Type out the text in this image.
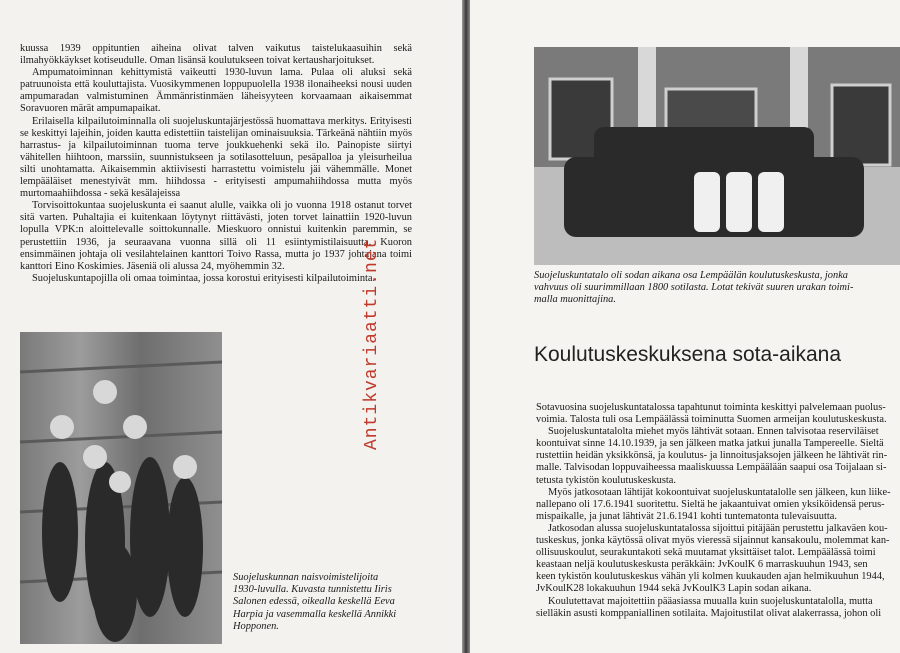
kuussa 1939 oppituntien aiheina olivat talven vaikutus taistelukaasuihin sekä ilmahyökkäykset kotiseudulle. Oman lisänsä koulutukseen toivat kertausharjoitukset.

Ampumatoiminnan kehittymistä vaikeutti 1930-luvun lama. Pulaa oli aluksi sekä patruunoista että kouluttajista. Vuosikymmenen loppupuolella 1938 ilonaiheeksi nousi uuden ampumaradan valmistuminen Ämmänristinmäen läheisyyteen korvaamaan aikaisemmat Soravuoren märät ampumapaikat.

Erilaisella kilpailutoiminnalla oli suojeluskuntajärjestössä huomattava merkitys. Erityisesti se keskittyi lajeihin, joiden kautta edistettiin taistelijan ominaisuuksia. Tärkeänä nähtiin myös harrastus- ja kilpailutoiminnan tuoma terve joukkuehenki sekä ilo. Painopiste siirtyi vähitellen hiihtoon, marssiin, suunnistukseen ja sotilasotteluun, pesäpalloa ja yleisurheilua silti unohtamatta. Aikaisemmin aktiivisesti harrastettu voimistelu jäi vähemmälle. Monet lempääläiset menestyivät mm. hiihdossa - erityisesti ampumahiihdossa mutta myös murtomaahiihdossa - sekä kesälajeissa

Torvisoittokuntaa suojeluskunta ei saanut alulle, vaikka oli jo vuonna 1918 ostanut torvet sitä varten. Puhaltajia ei kuitenkaan löytynyt riittävästi, joten torvet lainattiin 1920-luvun lopulla VPK:n aloittelevalle soittokunnalle. Mieskuoro onnistui kuitenkin paremmin, se perustettiin 1936, ja seuraavana vuonna sillä oli 11 esiintymistilaisuutta. Kuoron ensimmäinen johtaja oli vesilahtelainen kanttori Toivo Rassa, mutta jo 1937 johtajana toimi kanttori Eino Koskimies. Jäseniä oli alussa 24, myöhemmin 32.

Suojeluskuntapojilla oli omaa toimintaa, jossa korostui erityisesti kilpailutoiminta.

Suojeluskunnan naisvoimistelijoita 1930-luvulla. Kuvasta tunnistettu Iiris Salonen edessä, oikealla keskellä Eeva Harpia ja vasemmalla keskellä Annikki Hopponen.
Suojeluskuntatalo oli sodan aikana osa Lempäälän koulutuskeskusta, jonka
vahvuus oli suurimmillaan 1800 sotilasta. Lotat tekivät suuren urakan toimi-
malla muonittajina.
Koulutuskeskuksena sota-aikana

Sotavuosina suojeluskuntatalossa tapahtunut toiminta keskittyi palvelemaan puolus-
voimia. Talosta tuli osa Lempäälässä toiminutta Suomen armeijan koulutuskeskusta.

Suojeluskuntatalolta miehet myös lähtivät sotaan. Ennen talvisotaa reserviläiset
koontuivat sinne 14.10.1939, ja sen jälkeen matka jatkui junalla Tampereelle. Sieltä
rustettiin heidän yksikkönsä, ja koulutus- ja linnoitusjaksojen jälkeen he lähtivät rin-
malle. Talvisodan loppuvaiheessa maaliskuussa Lempäälään saapui osa Toijalaan si-
tetusta tykistön koulutuskeskusta.

Myös jatkosotaan lähtijät kokoontuivat suojeluskuntatalolle sen jälkeen, kun liike-
nallepano oli 17.6.1941 suoritettu. Sieltä he jakaantuivat omien yksiköidensä perus-
mispaikalle, ja junat lähtivät 21.6.1941 kohti tuntematonta tulevaisuutta.

Jatkosodan alussa suojeluskuntatalossa sijoittui pitäjään perustettu jalkaväen kou-
tuskeskus, jonka käytössä olivat myös vieressä sijainnut kansakoulu, molemmat kan-
ollisuuskoulut, seurakuntakoti sekä muutamat yksittäiset talot. Lempäälässä toimi
keastaan neljä koulutuskeskusta peräkkäin: JvKoulK 6 marraskuuhun 1943, sen
keen tykistön koulutuskeskus vähän yli kolmen kuukauden ajan helmikuuhun 1944,
JvKoulK28 lokakuuhun 1944 sekä JvKoulK3 Lapin sodan aikana.

Koulutettavat majoitettiin pääasiassa muualla kuin suojeluskuntatalolla, mutta
sielläkin asusti komppaniallinen sotilaita. Majoitustilat olivat alakerrassa, johon oli

Antikvariaatti.net
